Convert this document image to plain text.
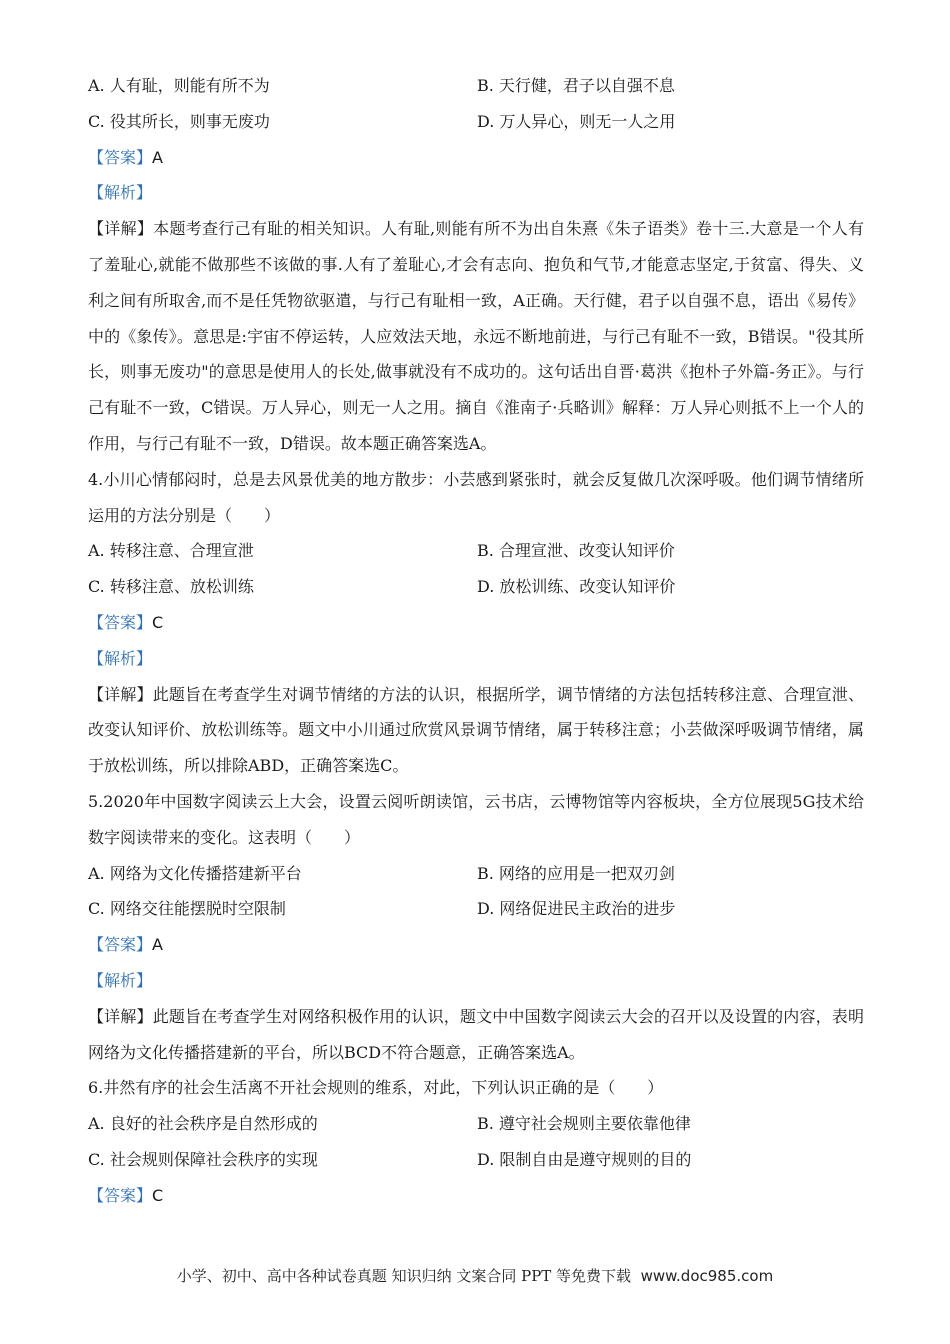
A. 人有耻，则能有所不为	B. 天行健，君子以自强不息
C. 役其所长，则事无废功	D. 万人异心，则无一人之用
【答案】A
【解析】
【详解】本题考查行己有耻的相关知识。人有耻,则能有所不为出自朱熹《朱子语类》卷十三.大意是一个人有了羞耻心,就能不做那些不该做的事.人有了羞耻心,才会有志向、抱负和气节,才能意志坚定,于贫富、得失、义利之间有所取舍,而不是任凭物欲驱遣，与行己有耻相一致，A正确。天行健，君子以自强不息，语出《易传》中的《象传》。意思是:宇宙不停运转，人应效法天地，永远不断地前进，与行己有耻不一致，B错误。"役其所长，则事无废功"的意思是使用人的长处,做事就没有不成功的。这句话出自晋·葛洪《抱朴子外篇-务正》。与行己有耻不一致，C错误。万人异心，则无一人之用。摘自《淮南子·兵略训》解释：万人异心则抵不上一个人的作用，与行己有耻不一致，D错误。故本题正确答案选A。
4.小川心情郁闷时，总是去风景优美的地方散步：小芸感到紧张时，就会反复做几次深呼吸。他们调节情绪所运用的方法分别是（　　）
A. 转移注意、合理宣泄	B. 合理宣泄、改变认知评价
C. 转移注意、放松训练	D. 放松训练、改变认知评价
【答案】C
【解析】
【详解】此题旨在考查学生对调节情绪的方法的认识，根据所学，调节情绪的方法包括转移注意、合理宣泄、改变认知评价、放松训练等。题文中小川通过欣赏风景调节情绪，属于转移注意；小芸做深呼吸调节情绪，属于放松训练，所以排除ABD，正确答案选C。
5.2020年中国数字阅读云上大会，设置云阅听朗读馆，云书店，云博物馆等内容板块，全方位展现5G技术给数字阅读带来的变化。这表明（　　）
A. 网络为文化传播搭建新平台	B. 网络的应用是一把双刃剑
C. 网络交往能摆脱时空限制	D. 网络促进民主政治的进步
【答案】A
【解析】
【详解】此题旨在考查学生对网络积极作用的认识，题文中中国数字阅读云大会的召开以及设置的内容，表明网络为文化传播搭建新的平台，所以BCD不符合题意，正确答案选A。
6.井然有序的社会生活离不开社会规则的维系，对此，下列认识正确的是（　　）
A. 良好的社会秩序是自然形成的	B. 遵守社会规则主要依靠他律
C. 社会规则保障社会秩序的实现	D. 限制自由是遵守规则的目的
【答案】C
小学、初中、高中各种试卷真题 知识归纳 文案合同 PPT 等免费下载 www.doc985.com
